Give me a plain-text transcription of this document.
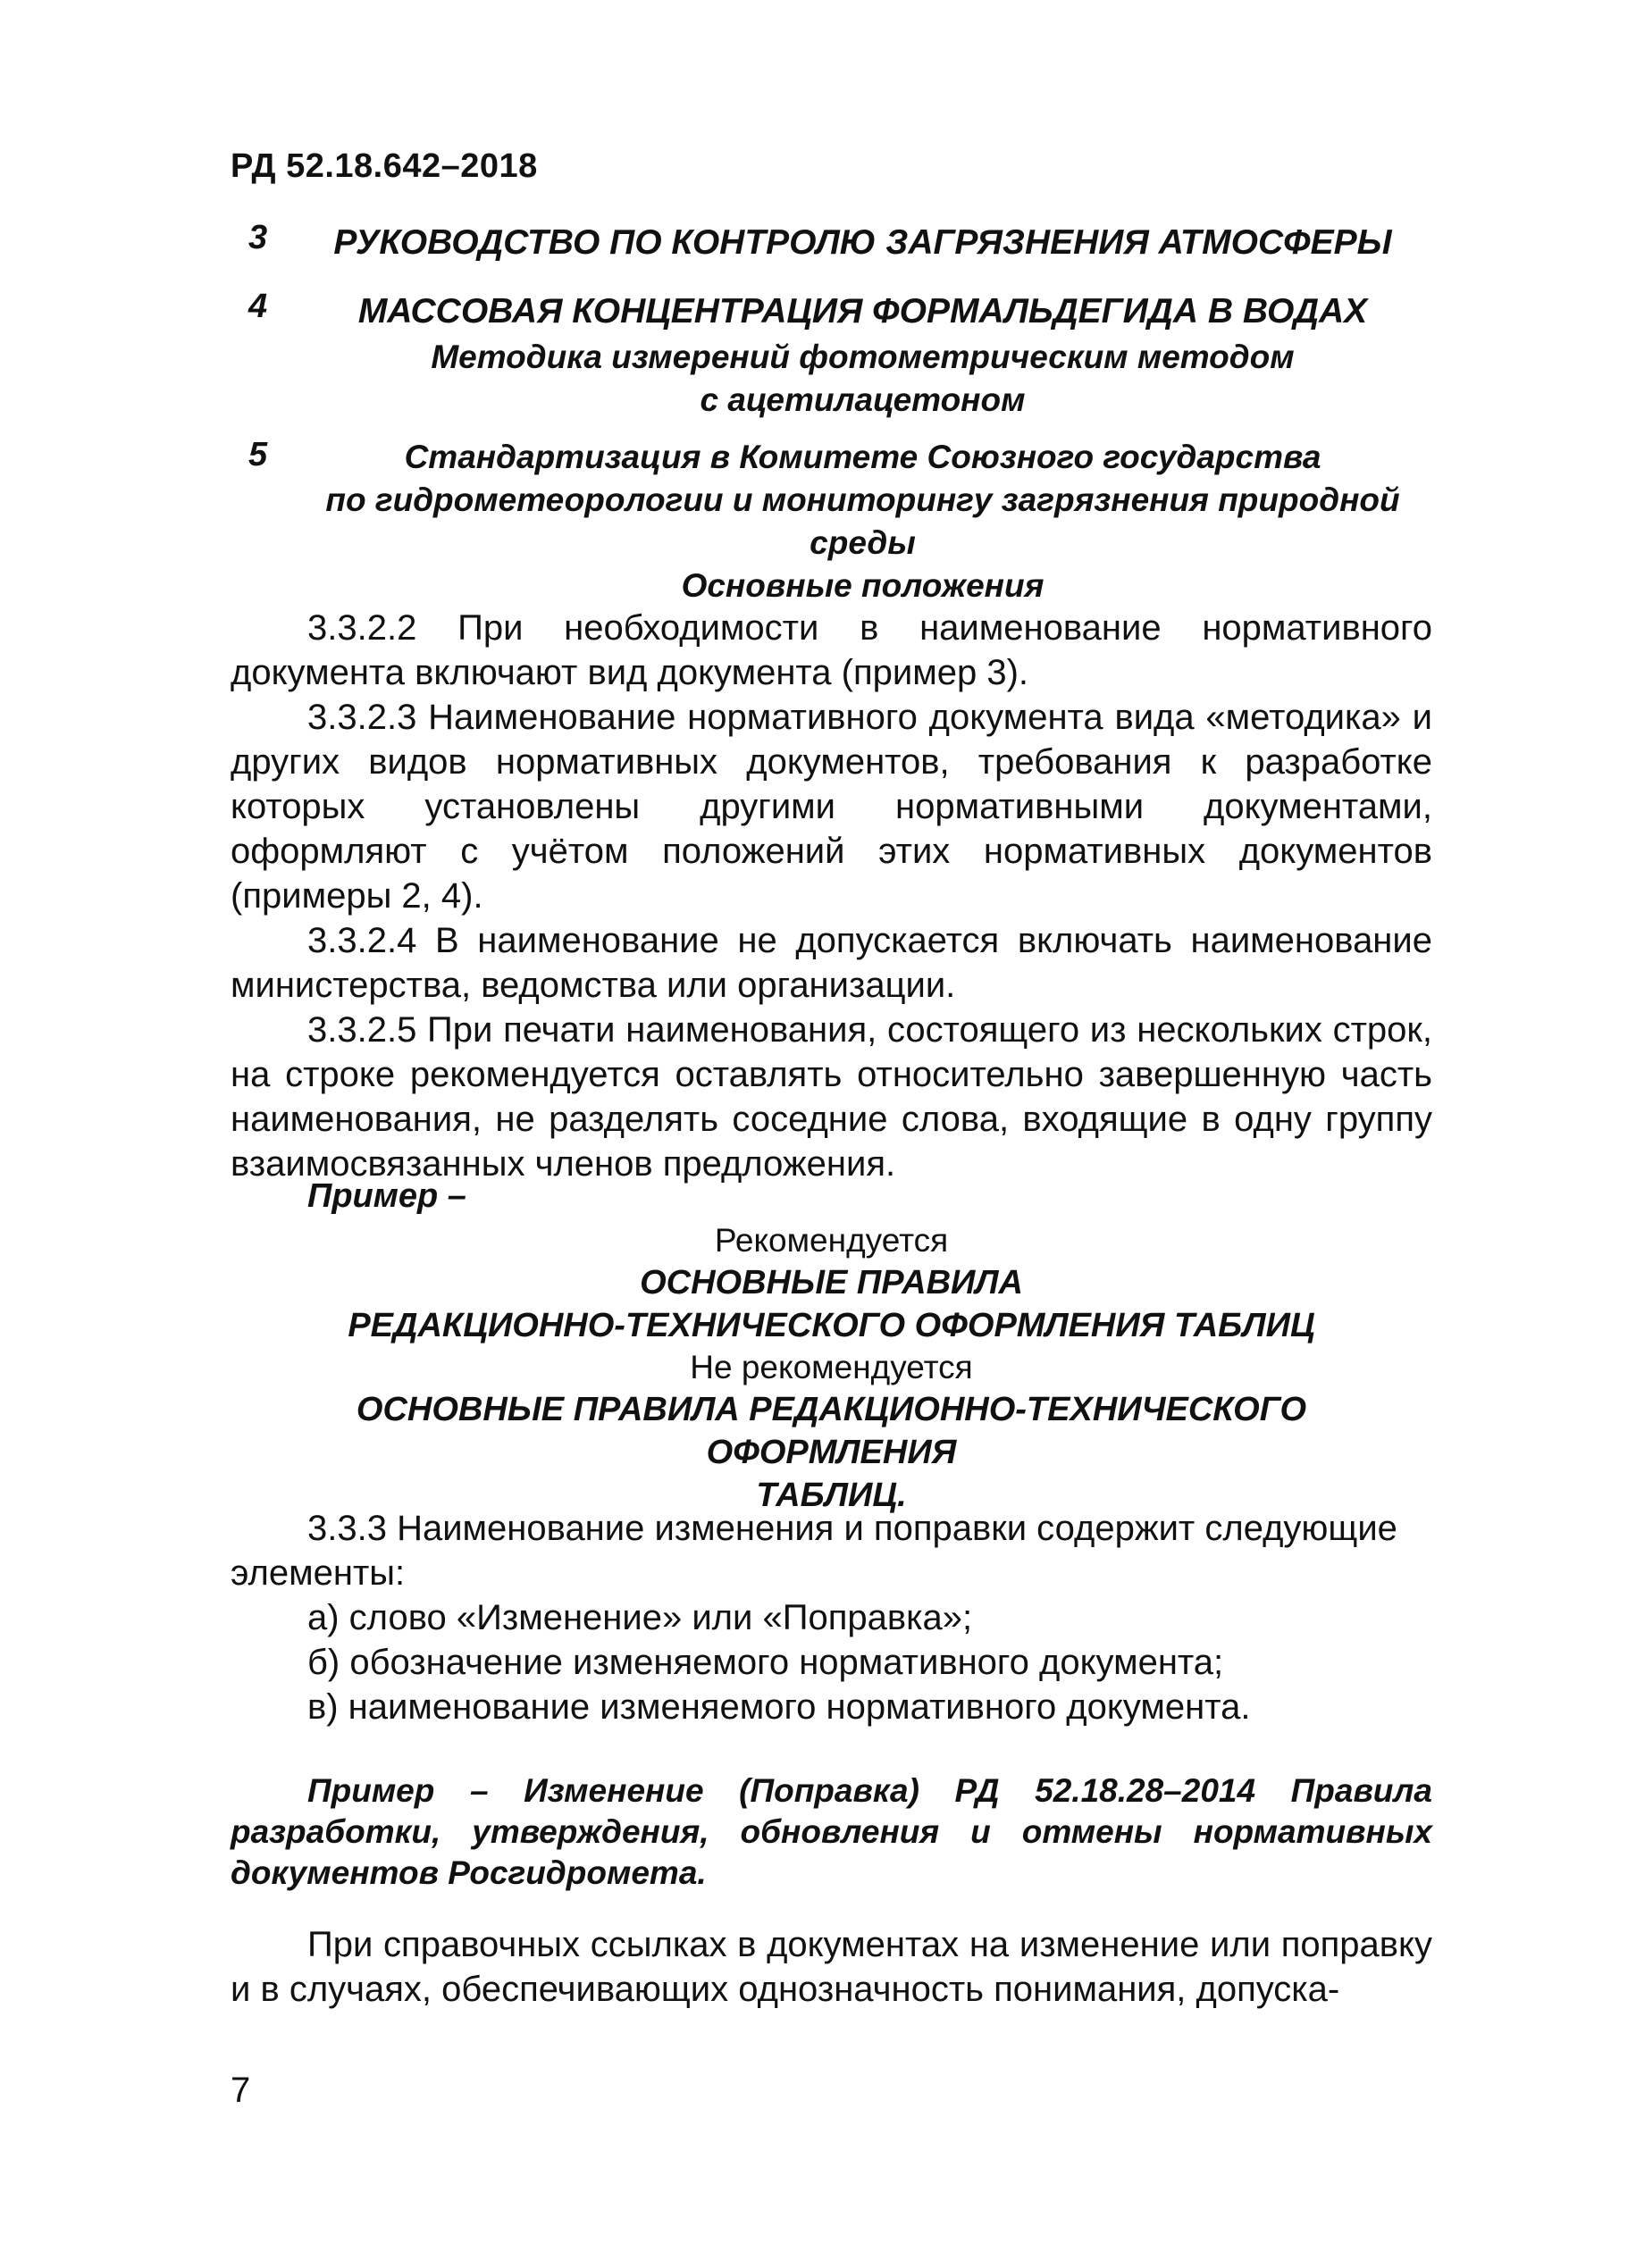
РД 52.18.642–2018
3	РУКОВОДСТВО ПО КОНТРОЛЮ ЗАГРЯЗНЕНИЯ АТМОСФЕРЫ
4	МАССОВАЯ КОНЦЕНТРАЦИЯ ФОРМАЛЬДЕГИДА В ВОДАХ
Методика измерений фотометрическим методом
с ацетилацетоном
5	Стандартизация в Комитете Союзного государства
по гидрометеорологии и мониторингу загрязнения природной среды
Основные положения

3.3.2.2 При необходимости в наименование нормативного документа включают вид документа (пример 3).

3.3.2.3 Наименование нормативного документа вида «методика» и других видов нормативных документов, требования к разработке которых установлены другими нормативными документами, оформляют с учётом положений этих нормативных документов (примеры 2, 4).

3.3.2.4 В наименование не допускается включать наименование министерства, ведомства или организации.

3.3.2.5 При печати наименования, состоящего из нескольких строк, на строке рекомендуется оставлять относительно завершенную часть наименования, не разделять соседние слова, входящие в одну группу взаимосвязанных членов предложения.

Пример –
Рекомендуется
ОСНОВНЫЕ ПРАВИЛА
РЕДАКЦИОННО-ТЕХНИЧЕСКОГО ОФОРМЛЕНИЯ ТАБЛИЦ
Не рекомендуется
ОСНОВНЫЕ ПРАВИЛА РЕДАКЦИОННО-ТЕХНИЧЕСКОГО ОФОРМЛЕНИЯ
ТАБЛИЦ.

3.3.3 Наименование изменения и поправки содержит следующие элементы:

а) слово «Изменение» или «Поправка»;

б) обозначение изменяемого нормативного документа;

в) наименование изменяемого нормативного документа.

Пример – Изменение (Поправка) РД 52.18.28–2014 Правила разработки, утверждения, обновления и отмены нормативных документов Росгидромета.
При справочных ссылках в документах на изменение или поправку и в случаях, обеспечивающих однозначность понимания, допуска-
7
